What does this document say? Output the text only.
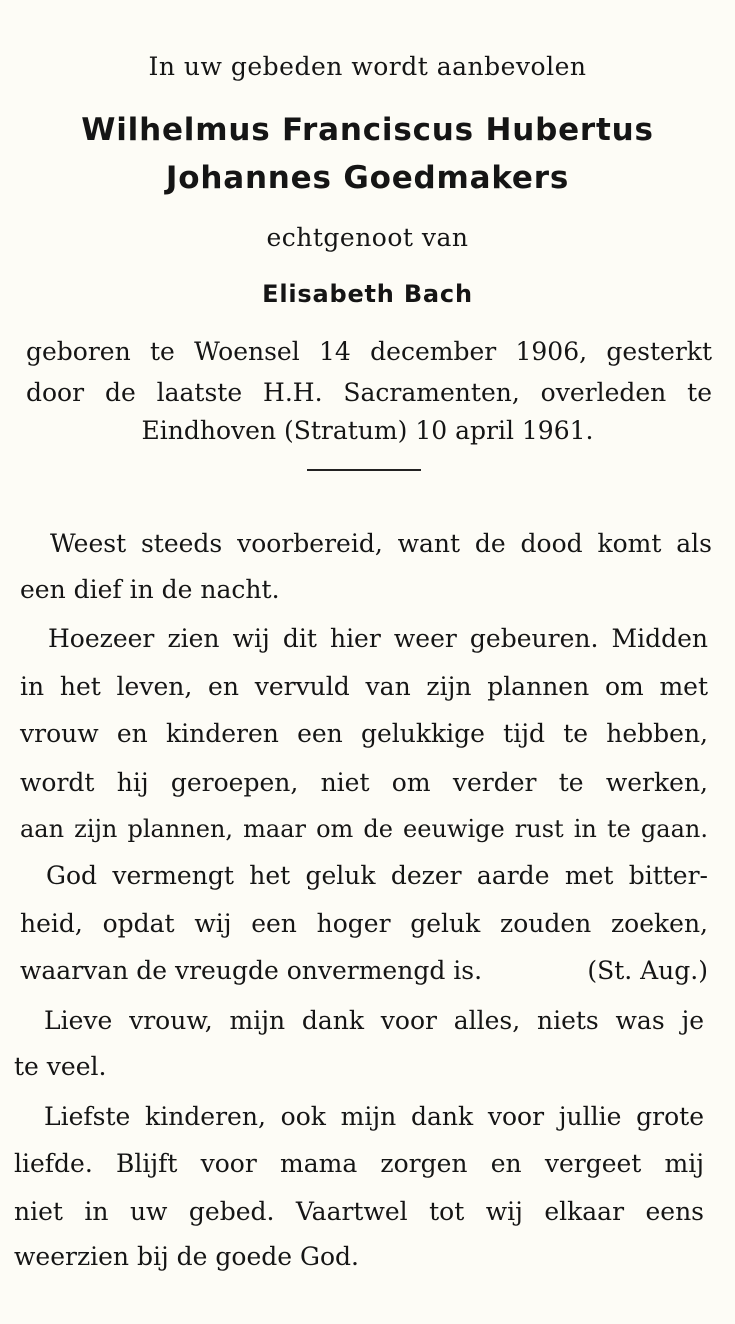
In uw gebeden wordt aanbevolen

Wilhelmus Franciscus Hubertus

Johannes Goedmakers

echtgenoot van

Elisabeth Bach

geboren te Woensel 14 december 1906, gesterkt

door de laatste H.H. Sacramenten, overleden te

Eindhoven (Stratum) 10 april 1961.

Weest steeds voorbereid, want de dood komt als

een dief in de nacht.

Hoezeer zien wij dit hier weer gebeuren. Midden

in het leven, en vervuld van zijn plannen om met

vrouw en kinderen een gelukkige tijd te hebben,

wordt hij geroepen, niet om verder te werken,

aan zijn plannen, maar om de eeuwige rust in te gaan.

God vermengt het geluk dezer aarde met bitter-

heid, opdat wij een hoger geluk zouden zoeken,

waarvan de vreugde onvermengd is.	(St. Aug.)

Lieve vrouw, mijn dank voor alles, niets was je

te veel.

Liefste kinderen, ook mijn dank voor jullie grote

liefde. Blijft voor mama zorgen en vergeet mij

niet in uw gebed. Vaartwel tot wij elkaar eens

weerzien bij de goede God.
